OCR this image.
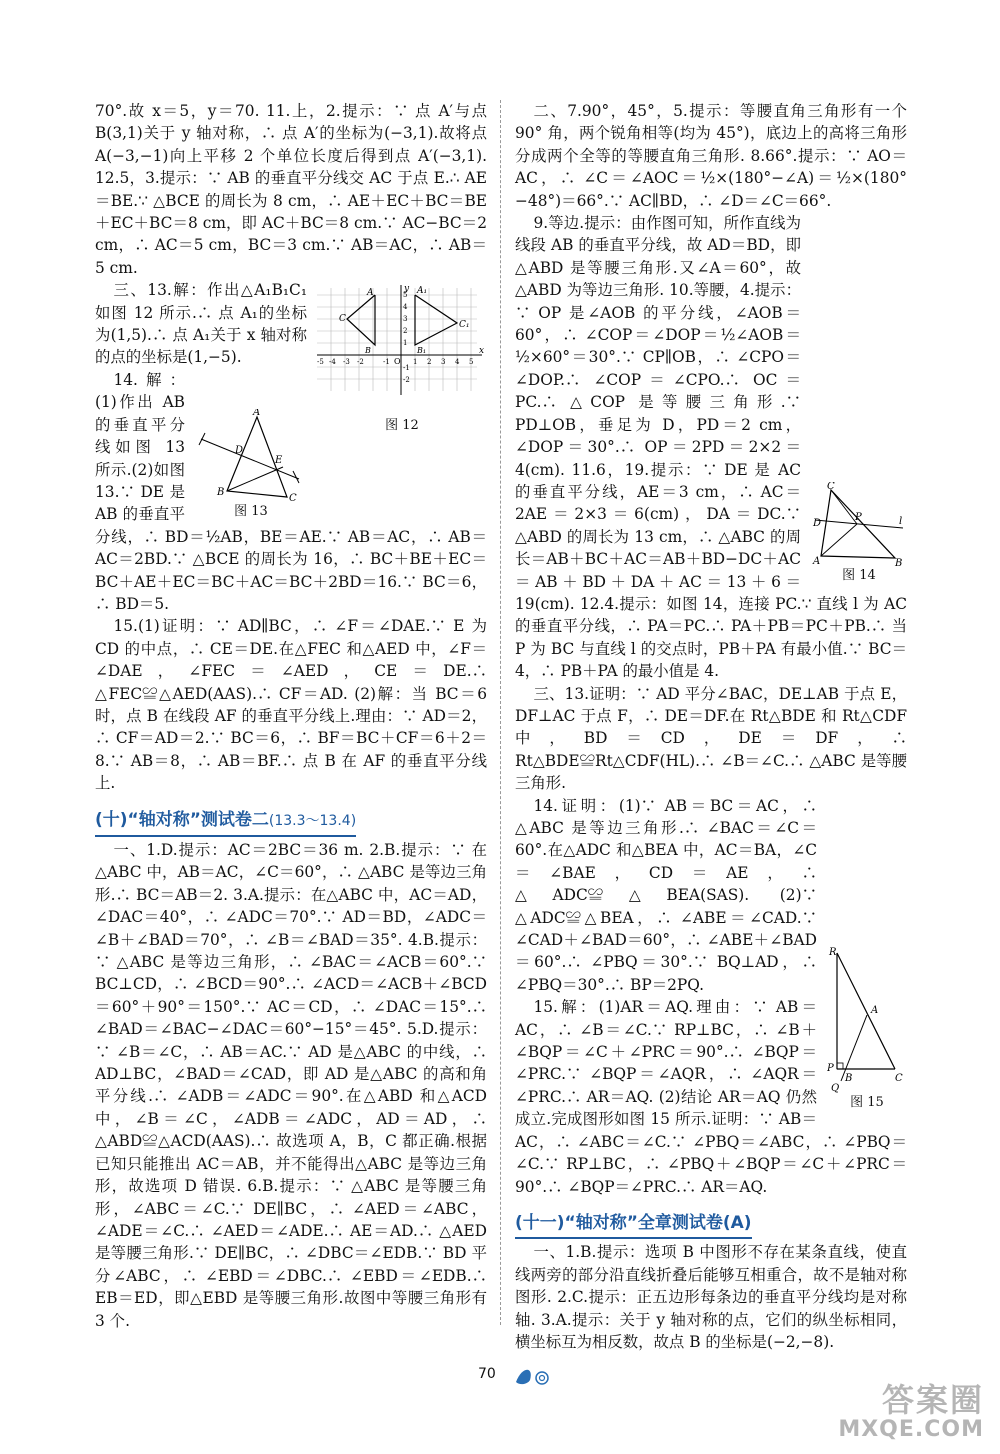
70°.故 x＝5，y＝70. 11.上，2.提示：∵ 点 A′与点 B(3,1)关于 y 轴对称，∴ 点 A′的坐标为(−3,1).故将点 A(−3,−1)向上平移 2 个单位长度后得到点 A′(−3,1). 12.5，3.提示：∵ AB 的垂直平分线交 AC 于点 E.∴ AE＝BE.∵ △BCE 的周长为 8 cm，∴ AE＋EC＋BC＝BE＋EC＋BC＝8 cm，即 AC＋BC＝8 cm.∵ AC−BC＝2 cm，∴ AC＝5 cm，BC＝3 cm.∵ AB＝AC，∴ AB＝5 cm.

x
y
O
A
B
C
A₁
B₁
C₁
-5 -4 -3 -2	-1	1 2 3 4 5
-1
-2
1
2
3
4
5
图 12

三、13.解：作出△A₁B₁C₁如图 12 所示.∴ 点 A₁的坐标为(1,5).∴ 点 A₁关于 x 轴对称的点的坐标是(1,−5).

A
B
C
D
E
图 13

14.解：(1)作出 AB 的垂直平分线如图 13 所示.(2)如图 13.∵ DE 是 AB 的垂直平分线，∴ BD＝½AB，BE＝AE.∵ AB＝AC，∴ AB＝AC＝2BD.∵ △BCE 的周长为 16，∴ BC＋BE＋EC＝BC＋AE＋EC＝BC＋AC＝BC＋2BD＝16.∵ BC＝6，∴ BD＝5.

15.(1)证明：∵ AD∥BC，∴ ∠F＝∠DAE.∵ E 为 CD 的中点，∴ CE＝DE.在△FEC 和△AED 中，∠F＝∠DAE，∠FEC＝∠AED，CE＝DE.∴ △FEC≌△AED(AAS).∴ CF＝AD. (2)解：当 BC＝6 时，点 B 在线段 AF 的垂直平分线上.理由：∵ AD＝2，∴ CF＝AD＝2.∵ BC＝6，∴ BF＝BC＋CF＝6＋2＝8.∵ AB＝8，∴ AB＝BF.∴ 点 B 在 AF 的垂直平分线上.

(十)“轴对称”测试卷二(13.3～13.4)

一、1.D.提示：AC＝2BC＝36 m. 2.B.提示：∵ 在△ABC 中，AB＝AC，∠C＝60°，∴ △ABC 是等边三角形.∴ BC＝AB＝2. 3.A.提示：在△ABC 中，AC＝AD，∠DAC＝40°，∴ ∠ADC＝70°.∵ AD＝BD，∠ADC＝∠B＋∠BAD＝70°，∴ ∠B＝∠BAD＝35°. 4.B.提示：∵ △ABC 是等边三角形，∴ ∠BAC＝∠ACB＝60°.∵ BC⊥CD，∴ ∠BCD＝90°.∴ ∠ACD＝∠ACB＋∠BCD＝60°＋90°＝150°.∵ AC＝CD，∴ ∠DAC＝15°.∴ ∠BAD＝∠BAC−∠DAC＝60°−15°＝45°. 5.D.提示：∵ ∠B＝∠C，∴ AB＝AC.∵ AD 是△ABC 的中线，∴ AD⊥BC，∠BAD＝∠CAD，即 AD 是△ABC 的高和角平分线.∴ ∠ADB＝∠ADC＝90°.在△ABD 和△ACD 中，∠B＝∠C，∠ADB＝∠ADC，AD＝AD，∴ △ABD≌△ACD(AAS).∴ 故选项 A，B，C 都正确.根据已知只能推出 AC＝AB，并不能得出△ABC 是等边三角形，故选项 D 错误. 6.B.提示：∵ △ABC 是等腰三角形，∠ABC＝∠C.∵ DE∥BC，∴ ∠AED＝∠ABC，∠ADE＝∠C.∴ ∠AED＝∠ADE.∴ AE＝AD.∴ △AED 是等腰三角形.∵ DE∥BC，∴ ∠DBC＝∠EDB.∵ BD 平分∠ABC，∴ ∠EBD＝∠DBC.∴ ∠EBD＝∠EDB.∴ EB＝ED，即△EBD 是等腰三角形.故图中等腰三角形有 3 个.

二、7.90°，45°，5.提示：等腰直角三角形有一个 90° 角，两个锐角相等(均为 45°)，底边上的高将三角形分成两个全等的等腰直角三角形. 8.66°.提示：∵ AO＝AC，∴ ∠C＝∠AOC＝½×(180°−∠A)＝½×(180°−48°)＝66°.∵ AC∥BD，∴ ∠D＝∠C＝66°.

C
D
P
A	B
l
图 14

9.等边.提示：由作图可知，所作直线为线段 AB 的垂直平分线，故 AD＝BD，即△ABD 是等腰三角形.又∠A＝60°，故△ABD 为等边三角形. 10.等腰，4.提示：∵ OP 是∠AOB 的平分线，∠AOB＝60°，∴ ∠COP＝∠DOP＝½∠AOB＝½×60°＝30°.∵ CP∥OB，∴ ∠CPO＝∠DOP.∴ ∠COP＝∠CPO.∴ OC＝PC.∴ △COP 是等腰三角形.∵ PD⊥OB，垂足为 D，PD＝2 cm，∠DOP＝30°.∴ OP＝2PD＝2×2＝4(cm). 11.6，19.提示：∵ DE 是 AC 的垂直平分线，AE＝3 cm，∴ AC＝2AE＝2×3＝6(cm)，DA＝DC.∵ △ABD 的周长为 13 cm，∴ △ABC 的周长＝AB＋BC＋AC＝AB＋BD−DC＋AC＝AB＋BD＋DA＋AC＝13＋6＝19(cm). 12.4.提示：如图 14，连接 PC.∵ 直线 l 为 AC 的垂直平分线，∴ PA＝PC.∴ PA＋PB＝PC＋PB.∴ 当 P 为 BC 与直线 l 的交点时，PB＋PA 有最小值.∵ BC＝4，∴ PB＋PA 的最小值是 4.

三、13.证明：∵ AD 平分∠BAC，DE⊥AB 于点 E，DF⊥AC 于点 F，∴ DE＝DF.在 Rt△BDE 和 Rt△CDF 中，BD＝CD，DE＝DF，∴ Rt△BDE≌Rt△CDF(HL).∴ ∠B＝∠C.∴ △ABC 是等腰三角形.

R
A
P
B	C
Q
图 15

14.证明：(1)∵ AB＝BC＝AC，∴ △ABC 是等边三角形.∴ ∠BAC＝∠C＝60°.在△ADC 和△BEA 中，AC＝BA，∠C＝∠BAE，CD＝AE，∴ △ADC≌△BEA(SAS). (2)∵ △ADC≌△BEA，∴ ∠ABE＝∠CAD.∵ ∠CAD＋∠BAD＝60°，∴ ∠ABE＋∠BAD＝60°.∴ ∠PBQ＝30°.∵ BQ⊥AD，∴ ∠PBQ＝30°.∴ BP＝2PQ.

15.解：(1)AR＝AQ.理由：∵ AB＝AC，∴ ∠B＝∠C.∵ RP⊥BC，∴ ∠B＋∠BQP＝∠C＋∠PRC＝90°.∴ ∠BQP＝∠PRC.∵ ∠BQP＝∠AQR，∴ ∠AQR＝∠PRC.∴ AR＝AQ. (2)结论 AR＝AQ 仍然成立.完成图形如图 15 所示.证明：∵ AB＝AC，∴ ∠ABC＝∠C.∵ ∠PBQ＝∠ABC，∴ ∠PBQ＝∠C.∵ RP⊥BC，∴ ∠PBQ＋∠BQP＝∠C＋∠PRC＝90°.∴ ∠BQP＝∠PRC.∴ AR＝AQ.

(十一)“轴对称”全章测试卷(A)

一、1.B.提示：选项 B 中图形不存在某条直线，使直线两旁的部分沿直线折叠后能够互相重合，故不是轴对称图形. 2.C.提示：正五边形每条边的垂直平分线均是对称轴. 3.A.提示：关于 y 轴对称的点，它们的纵坐标相同，横坐标互为相反数，故点 B 的坐标是(−2,−8).

70
答案圈
MXQE.COM
